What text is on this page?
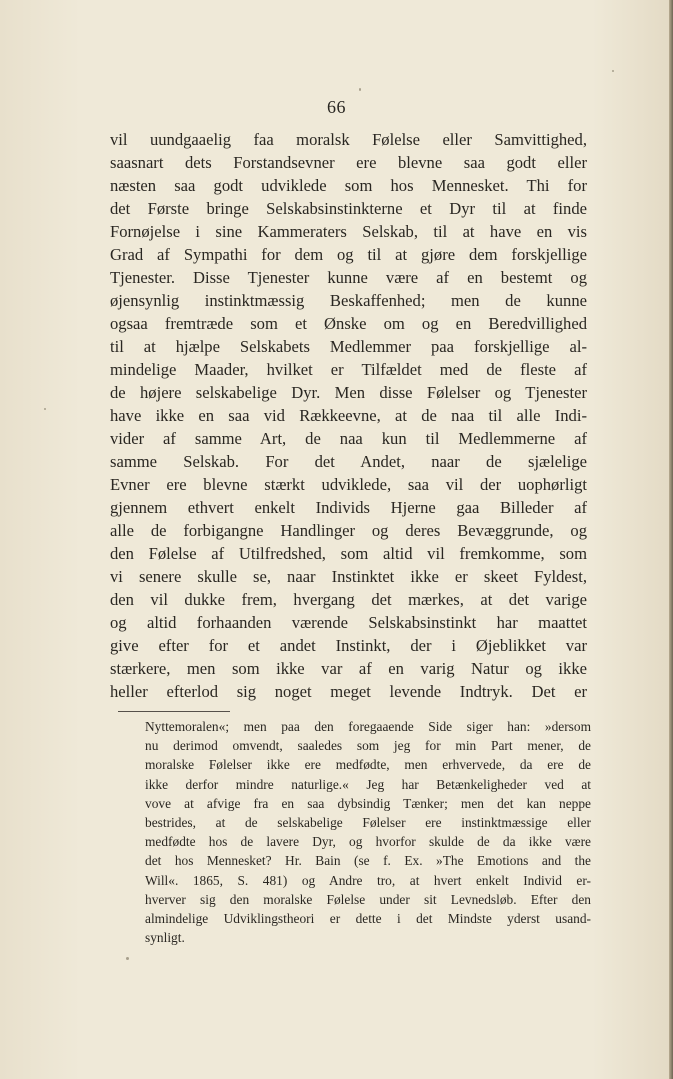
66
vil uundgaaelig faa moralsk Følelse eller Samvittighed,
saasnart dets Forstandsevner ere blevne saa godt eller
næsten saa godt udviklede som hos Mennesket. Thi for
det Første bringe Selskabsinstinkterne et Dyr til at finde
Fornøjelse i sine Kammeraters Selskab, til at have en vis
Grad af Sympathi for dem og til at gjøre dem forskjellige
Tjenester. Disse Tjenester kunne være af en bestemt og
øjensynlig instinktmæssig Beskaffenhed; men de kunne
ogsaa fremtræde som et Ønske om og en Beredvillighed
til at hjælpe Selskabets Medlemmer paa forskjellige al-
mindelige Maader, hvilket er Tilfældet med de fleste af
de højere selskabelige Dyr. Men disse Følelser og Tjenester
have ikke en saa vid Rækkeevne, at de naa til alle Indi-
vider af samme Art, de naa kun til Medlemmerne af
samme Selskab. For det Andet, naar de sjælelige
Evner ere blevne stærkt udviklede, saa vil der uophørligt
gjennem ethvert enkelt Individs Hjerne gaa Billeder af
alle de forbigangne Handlinger og deres Bevæggrunde, og
den Følelse af Utilfredshed, som altid vil fremkomme, som
vi senere skulle se, naar Instinktet ikke er skeet Fyldest,
den vil dukke frem, hvergang det mærkes, at det varige
og altid forhaanden værende Selskabsinstinkt har maattet
give efter for et andet Instinkt, der i Øjeblikket var
stærkere, men som ikke var af en varig Natur og ikke
heller efterlod sig noget meget levende Indtryk. Det er
Nyttemoralen«; men paa den foregaaende Side siger han: »dersom
nu derimod omvendt, saaledes som jeg for min Part mener, de
moralske Følelser ikke ere medfødte, men erhvervede, da ere de
ikke derfor mindre naturlige.« Jeg har Betænkeligheder ved at
vove at afvige fra en saa dybsindig Tænker; men det kan neppe
bestrides, at de selskabelige Følelser ere instinktmæssige eller
medfødte hos de lavere Dyr, og hvorfor skulde de da ikke være
det hos Mennesket? Hr. Bain (se f. Ex. »The Emotions and the
Will«. 1865, S. 481) og Andre tro, at hvert enkelt Individ er-
hverver sig den moralske Følelse under sit Levnedsløb. Efter den
almindelige Udviklingstheori er dette i det Mindste yderst usand-
synligt.
